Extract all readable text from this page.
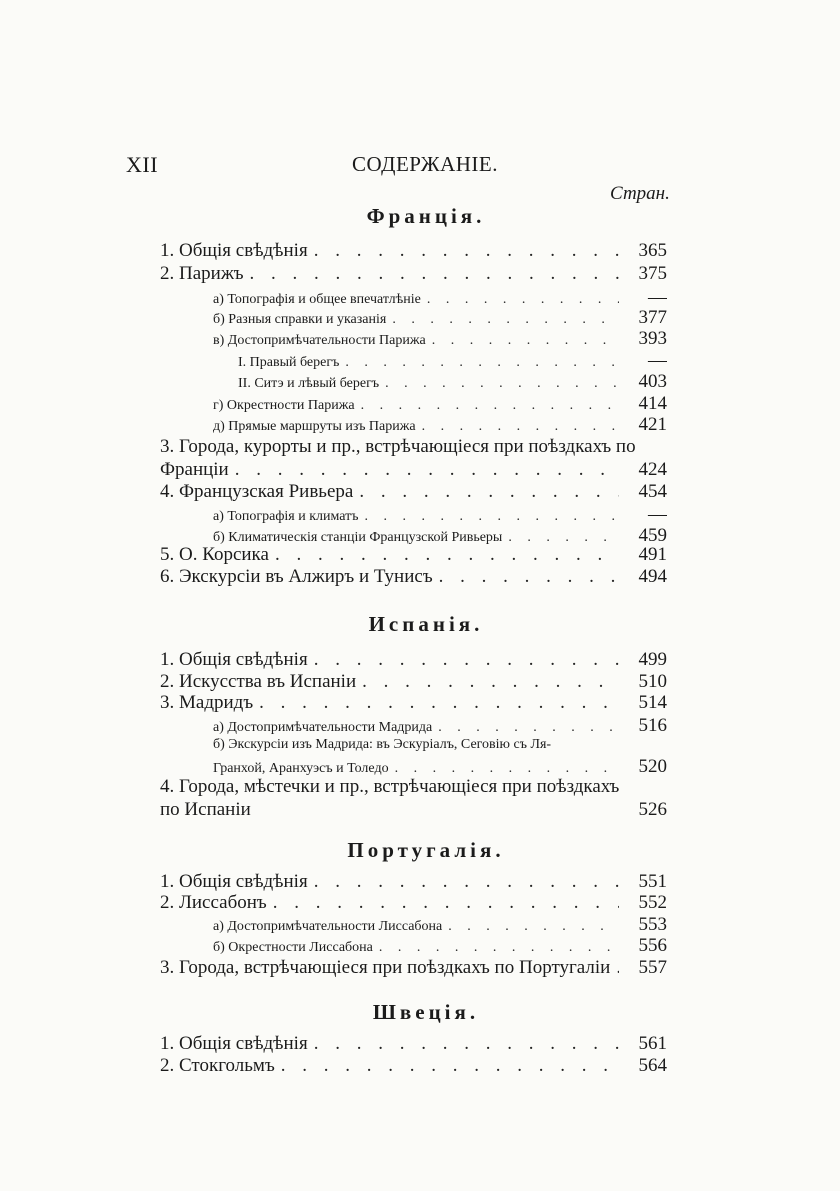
XII	СОДЕРЖАНІЕ.
Стран.
Франція.
1. Общія свѣдѣнія . . .	365
2. Парижъ . . .	375
а) Топографія и общее впечатлѣніе . . .	—
б) Разныя справки и указанія . . .	377
в) Достопримѣчательности Парижа . . .	393
I. Правый берегъ . . .	—
II. Ситэ и лѣвый берегъ . . .	403
г) Окрестности Парижа . . .	414
д) Прямые маршруты изъ Парижа . . .	421
3. Города, курорты и пр., встрѣчающіеся при поѣздкахъ по
Франціи . . .	424
4. Французская Ривьера . . .	454
а) Топографія и климатъ . . .	—
б) Климатическія станціи Французской Ривьеры . . .	459
5. О. Корсика . . .	491
6. Экскурсіи въ Алжиръ и Тунисъ . . .	494
Испанія.
1. Общія свѣдѣнія . . .	499
2. Искусства въ Испаніи . . .	510
3. Мадридъ . . .	514
а) Достопримѣчательности Мадрида . . .	516
б) Экскурсіи изъ Мадрида: въ Эскуріалъ, Сеговію съ Ля-
Гранхой, Аранхуэсъ и Толедо . . .	520
4. Города, мѣстечки и пр., встрѣчающіеся при поѣздкахъ
по Испаніи	526
Португалія.
1. Общія свѣдѣнія . . .	551
2. Лиссабонъ . . .	552
а) Достопримѣчательности Лиссабона . . .	553
б) Окрестности Лиссабона . . .	556
3. Города, встрѣчающіеся при поѣздкахъ по Португаліи . . .	557
Швеція.
1. Общія свѣдѣнія . . .	561
2. Стокгольмъ . . .	564
